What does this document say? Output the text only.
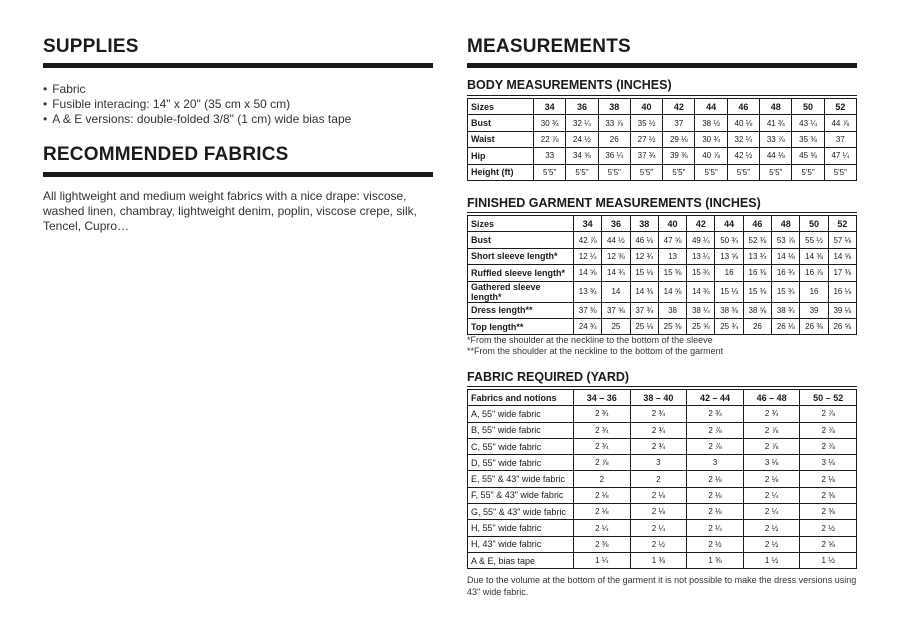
SUPPLIES
• Fabric
• Fusible interacing: 14" x 20" (35 cm x 50 cm)
• A & E versions: double-folded 3/8" (1 cm) wide bias tape
RECOMMENDED FABRICS
All lightweight and medium weight fabrics with a nice drape: viscose, washed linen, chambray, lightweight denim, poplin, viscose crepe, silk, Tencel, Cupro…
MEASUREMENTS
BODY MEASUREMENTS (INCHES)
Sizes	34	36	38	40	42	44	46	48	50	52
Bust	30 ¾	32 ¼	33 ⅞	35 ½	37	38 ½	40 ⅛	41 ¾	43 ¼	44 ⅞
Waist	22 ⅞	24 ½	26	27 ½	29 ⅛	30 ¾	32 ¼	33 ⅞	35 ⅜	37
Hip	33	34 ⅝	36 ¼	37 ¾	39 ⅜	40 ⅞	42 ½	44 ⅛	45 ⅝	47 ¼
Height (ft)	5'5"	5'5"	5'5"	5'5"	5'5"	5'5"	5'5"	5'5"	5'5"	5'5"
FINISHED GARMENT MEASUREMENTS (INCHES)
Sizes	34	36	38	40	42	44	46	48	50	52
Bust	42 ⅞	44 ½	46 ⅛	47 ⅝	49 ¼	50 ¾	52 ⅜	53 ⅞	55 ½	57 ⅛
Short sleeve length*	12 ¼	12 ⅜	12 ¾	13	13 ¼	13 ⅝	13 ¾	14 ⅛	14 ⅜	14 ⅝
Ruffled sleeve length*	14 ⅝	14 ¾	15 ⅛	15 ⅜	15 ¾	16	16 ⅜	16 ¾	16 ⅞	17 ⅜
Gathered sleeve length*	13 ¾	14	14 ⅜	14 ⅝	14 ¾	15 ⅛	15 ⅜	15 ¾	16	16 ⅛
Dress length**	37 ⅜	37 ⅝	37 ¾	38	38 ¼	38 ⅜	38 ⅝	38 ¾	39	39 ⅛
Top length**	24 ¾	25	25 ⅛	25 ⅜	25 ⅝	25 ¾	26	26 ⅛	26 ⅜	26 ⅝
*From the shoulder at the neckline to the bottom of the sleeve
**From the shoulder at the neckline to the bottom of the garment
FABRIC REQUIRED (YARD)
Fabrics and notions	34 – 36	38 – 40	42 – 44	46 – 48	50 – 52
A, 55" wide fabric	2 ¾	2 ¾	2 ¾	2 ¾	2 ⅞
B, 55" wide fabric	2 ¾	2 ¾	2 ⅞	2 ⅞	2 ⅞
C, 55" wide fabric	2 ¾	2 ¾	2 ⅞	2 ⅞	2 ⅞
D, 55" wide fabric	2 ⅞	3	3	3 ⅛	3 ⅛
E, 55" & 43" wide fabric	2	2	2 ⅛	2 ⅛	2 ⅛
F, 55" & 43" wide fabric	2 ⅛	2 ⅛	2 ⅛	2 ¼	2 ⅜
G, 55" & 43" wide fabric	2 ⅛	2 ⅛	2 ⅛	2 ¼	2 ⅜
H, 55" wide fabric	2 ¼	2 ¼	2 ¼	2 ½	2 ½
H, 43" wide fabric	2 ⅜	2 ½	2 ½	2 ½	2 ⅝
A & E, bias tape	1 ¼	1 ⅜	1 ⅜	1 ½	1 ½
Due to the volume at the bottom of the garment it is not possible to make the dress versions using 43" wide fabric.
